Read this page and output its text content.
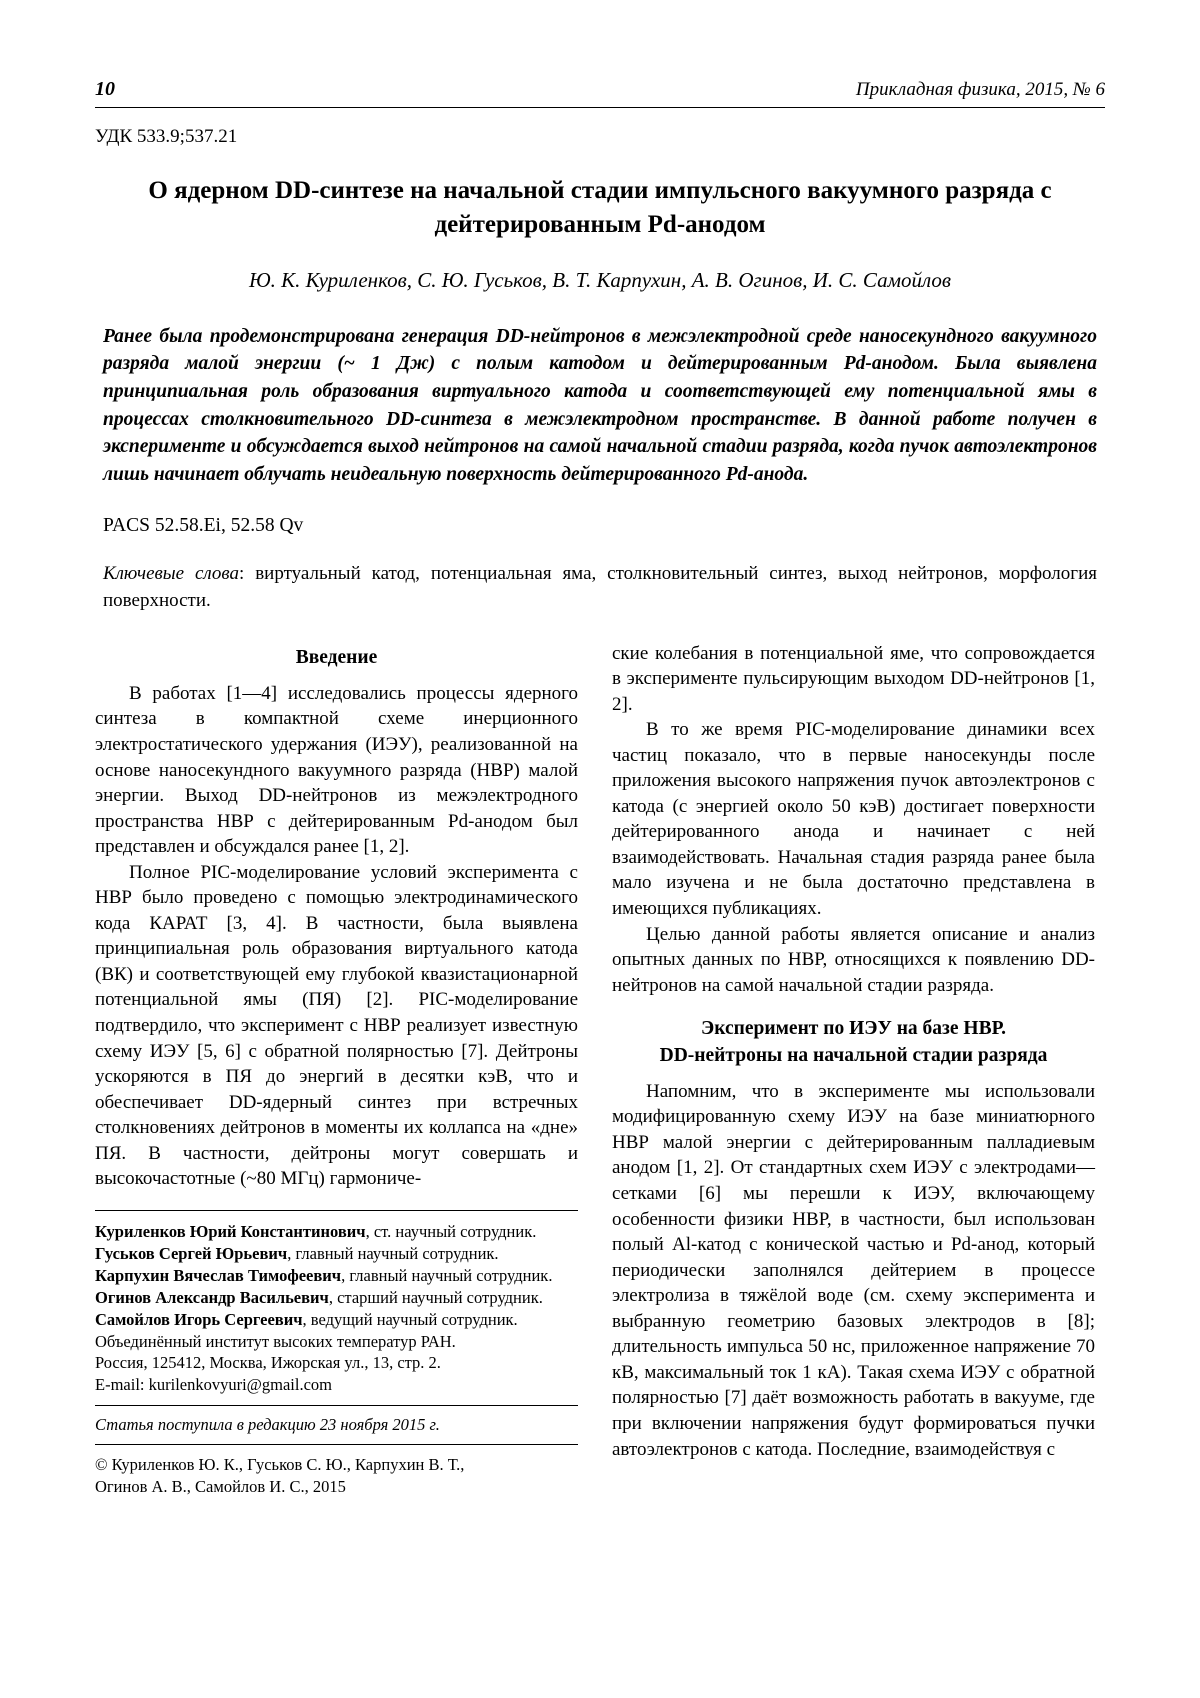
10	Прикладная физика, 2015, № 6
УДК 533.9;537.21
О ядерном DD-синтезе на начальной стадии импульсного вакуумного разряда с дейтерированным Pd-анодом
Ю. К. Куриленков, С. Ю. Гуськов, В. Т. Карпухин, А. В. Огинов, И. С. Самойлов
Ранее была продемонстрирована генерация DD-нейтронов в межэлектродной среде наносекундного вакуумного разряда малой энергии (~ 1 Дж) с полым катодом и дейтерированным Pd-анодом. Была выявлена принципиальная роль образования виртуального катода и соответствующей ему потенциальной ямы в процессах столкновительного DD-синтеза в межэлектродном пространстве. В данной работе получен в эксперименте и обсуждается выход нейтронов на самой начальной стадии разряда, когда пучок автоэлектронов лишь начинает облучать неидеальную поверхность дейтерированного Pd-анода.
PACS 52.58.Ei, 52.58 Qv
Ключевые слова: виртуальный катод, потенциальная яма, столкновительный синтез, выход нейтронов, морфология поверхности.
Введение

В работах [1—4] исследовались процессы ядерного синтеза в компактной схеме инерционного электростатического удержания (ИЭУ), реализованной на основе наносекундного вакуумного разряда (НВР) малой энергии. Выход DD-нейтронов из межэлектродного пространства НВР с дейтерированным Pd-анодом был представлен и обсуждался ранее [1, 2].

Полное PIC-моделирование условий эксперимента с НВР было проведено с помощью электродинамического кода КАРАТ [3, 4]. В частности, была выявлена принципиальная роль образования виртуального катода (ВК) и соответствующей ему глубокой квазистационарной потенциальной ямы (ПЯ) [2]. PIC-моделирование подтвердило, что эксперимент с НВР реализует известную схему ИЭУ [5, 6] с обратной полярностью [7]. Дейтроны ускоряются в ПЯ до энергий в десятки кэВ, что и обеспечивает DD-ядерный синтез при встречных столкновениях дейтронов в моменты их коллапса на «дне» ПЯ. В частности, дейтроны могут совершать и высокочастотные (~80 МГц) гармониче-

Куриленков Юрий Константинович, ст. научный сотрудник.
Гуськов Сергей Юрьевич, главный научный сотрудник.
Карпухин Вячеслав Тимофеевич, главный научный сотрудник.
Огинов Александр Васильевич, старший научный сотрудник.
Самойлов Игорь Сергеевич, ведущий научный сотрудник.
Объединённый институт высоких температур РАН.
Россия, 125412, Москва, Ижорская ул., 13, стр. 2.
E-mail: kurilenkovyuri@gmail.com
Статья поступила в редакцию 23 ноября 2015 г.
© Куриленков Ю. К., Гуськов С. Ю., Карпухин В. Т.,
Огинов А. В., Самойлов И. С., 2015

ские колебания в потенциальной яме, что сопровождается в эксперименте пульсирующим выходом DD-нейтронов [1, 2].

В то же время PIC-моделирование динамики всех частиц показало, что в первые наносекунды после приложения высокого напряжения пучок автоэлектронов с катода (с энергией около 50 кэВ) достигает поверхности дейтерированного анода и начинает с ней взаимодействовать. Начальная стадия разряда ранее была мало изучена и не была достаточно представлена в имеющихся публикациях.

Целью данной работы является описание и анализ опытных данных по НВР, относящихся к появлению DD-нейтронов на самой начальной стадии разряда.

Эксперимент по ИЭУ на базе НВР.
DD-нейтроны на начальной стадии разряда

Напомним, что в эксперименте мы использовали модифицированную схему ИЭУ на базе миниатюрного НВР малой энергии с дейтерированным палладиевым анодом [1, 2]. От стандартных схем ИЭУ с электродами—сетками [6] мы перешли к ИЭУ, включающему особенности физики НВР, в частности, был использован полый Al-катод с конической частью и Pd-анод, который периодически заполнялся дейтерием в процессе электролиза в тяжёлой воде (см. схему эксперимента и выбранную геометрию базовых электродов в [8]; длительность импульса 50 нс, приложенное напряжение 70 кВ, максимальный ток 1 кА). Такая схема ИЭУ с обратной полярностью [7] даёт возможность работать в вакууме, где при включении напряжения будут формироваться пучки автоэлектронов с катода. Последние, взаимодействуя с
